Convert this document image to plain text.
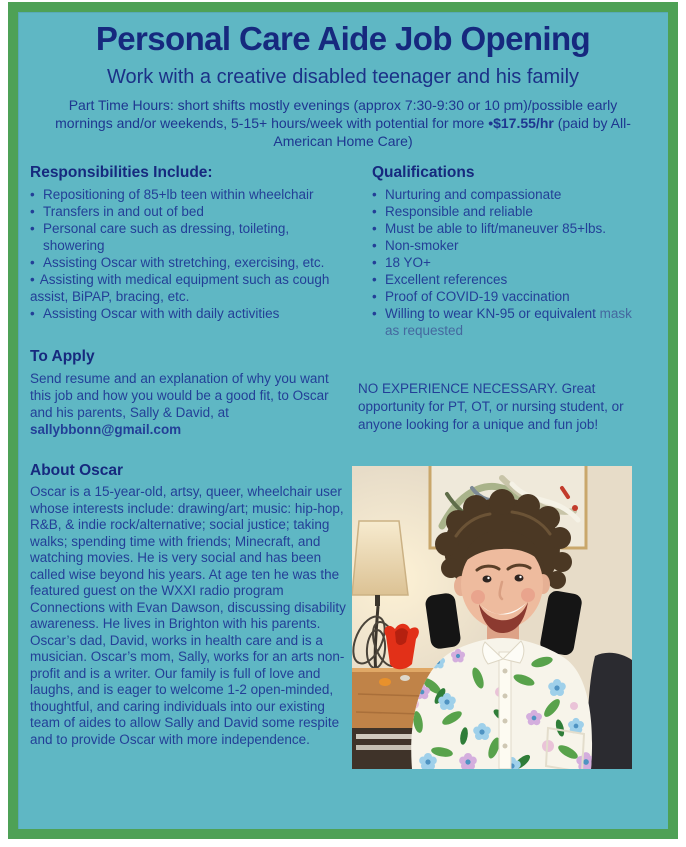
Personal Care Aide Job Opening
Work with a creative disabled teenager and his family
Part Time Hours: short shifts mostly evenings (approx 7:30-9:30 or 10 pm)/possible early mornings and/or weekends, 5-15+ hours/week with potential for more •$17.55/hr (paid by All-American Home Care)
Responsibilities Include:
• Repositioning of 85+lb teen within wheelchair
• Transfers in and out of bed
• Personal care such as dressing, toileting, showering
• Assisting Oscar with stretching, exercising, etc.
• Assisting with medical equipment such as cough assist, BiPAP, bracing, etc.
• Assisting Oscar with with daily activities
Qualifications
• Nurturing and compassionate
• Responsible and reliable
• Must be able to lift/maneuver 85+lbs.
• Non-smoker
• 18 YO+
• Excellent references
• Proof of COVID-19 vaccination
• Willing to wear KN-95 or equivalent mask as requested
To Apply

Send resume and an explanation of why you want this job and how you would be a good fit, to Oscar and his parents, Sally & David, at sallybbonn@gmail.com

NO EXPERIENCE NECESSARY. Great opportunity for PT, OT, or nursing student, or anyone looking for a unique and fun job!

About Oscar

Oscar is a 15-year-old, artsy, queer, wheelchair user whose interests include: drawing/art; music: hip-hop, R&B, & indie rock/alternative; social justice; taking walks; spending time with friends; Minecraft, and watching movies. He is very social and has been called wise beyond his years. At age ten he was the featured guest on the WXXI radio program Connections with Evan Dawson, discussing disability awareness. He lives in Brighton with his parents. Oscar’s dad, David, works in health care and is a musician. Oscar’s mom, Sally, works for an arts non-profit and is a writer. Our family is full of love and laughs, and is eager to welcome 1-2 open-minded, thoughtful, and caring individuals into our existing team of aides to allow Sally and David some respite and to provide Oscar with more independence.
